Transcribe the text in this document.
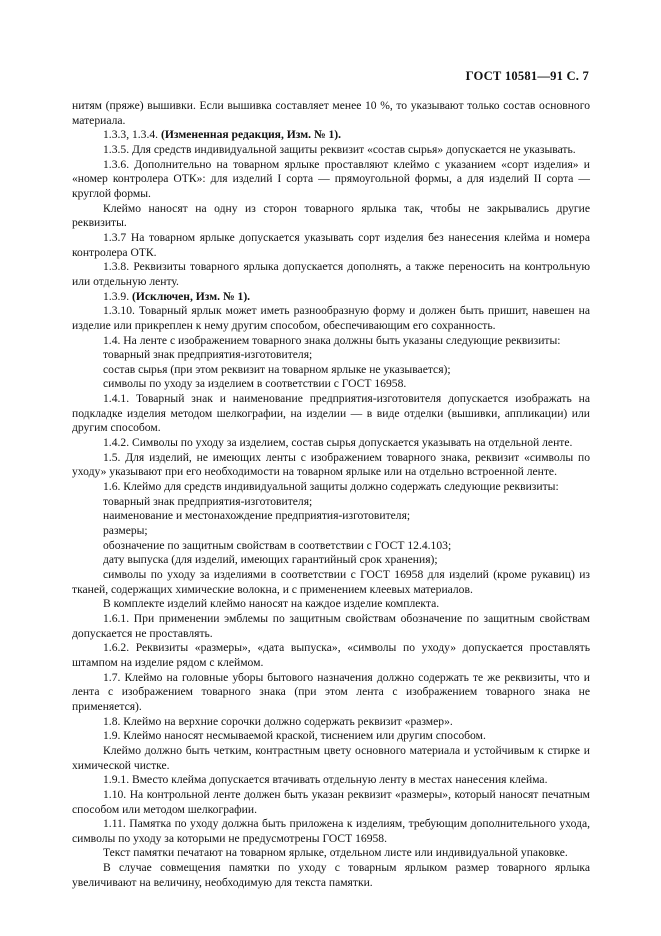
ГОСТ 10581—91 С. 7

нитям (пряже) вышивки. Если вышивка составляет менее 10 %, то указывают только состав основного материала.

1.3.3, 1.3.4. (Измененная редакция, Изм. № 1).

1.3.5. Для средств индивидуальной защиты реквизит «состав сырья» допускается не указывать.

1.3.6. Дополнительно на товарном ярлыке проставляют клеймо с указанием «сорт изделия» и «номер контролера ОТК»: для изделий I сорта — прямоугольной формы, а для изделий II сорта — круглой формы.

Клеймо наносят на одну из сторон товарного ярлыка так, чтобы не закрывались другие реквизиты.

1.3.7 На товарном ярлыке допускается указывать сорт изделия без нанесения клейма и номера контролера ОТК.

1.3.8. Реквизиты товарного ярлыка допускается дополнять, а также переносить на контрольную или отдельную ленту.

1.3.9. (Исключен, Изм. № 1).

1.3.10. Товарный ярлык может иметь разнообразную форму и должен быть пришит, навешен на изделие или прикреплен к нему другим способом, обеспечивающим его сохранность.

1.4. На ленте с изображением товарного знака должны быть указаны следующие реквизиты:

товарный знак предприятия-изготовителя;

состав сырья (при этом реквизит на товарном ярлыке не указывается);

символы по уходу за изделием в соответствии с ГОСТ 16958.

1.4.1. Товарный знак и наименование предприятия-изготовителя допускается изображать на подкладке изделия методом шелкографии, на изделии — в виде отделки (вышивки, аппликации) или другим способом.

1.4.2. Символы по уходу за изделием, состав сырья допускается указывать на отдельной ленте.

1.5. Для изделий, не имеющих ленты с изображением товарного знака, реквизит «символы по уходу» указывают при его необходимости на товарном ярлыке или на отдельно встроенной ленте.

1.6. Клеймо для средств индивидуальной защиты должно содержать следующие реквизиты:

товарный знак предприятия-изготовителя;

наименование и местонахождение предприятия-изготовителя;

размеры;

обозначение по защитным свойствам в соответствии с ГОСТ 12.4.103;

дату выпуска (для изделий, имеющих гарантийный срок хранения);

символы по уходу за изделиями в соответствии с ГОСТ 16958 для изделий (кроме рукавиц) из тканей, содержащих химические волокна, и с применением клеевых материалов.

В комплекте изделий клеймо наносят на каждое изделие комплекта.

1.6.1. При применении эмблемы по защитным свойствам обозначение по защитным свойствам допускается не проставлять.

1.6.2. Реквизиты «размеры», «дата выпуска», «символы по уходу» допускается проставлять штампом на изделие рядом с клеймом.

1.7. Клеймо на головные уборы бытового назначения должно содержать те же реквизиты, что и лента с изображением товарного знака (при этом лента с изображением товарного знака не применяется).

1.8. Клеймо на верхние сорочки должно содержать реквизит «размер».

1.9. Клеймо наносят несмываемой краской, тиснением или другим способом.

Клеймо должно быть четким, контрастным цвету основного материала и устойчивым к стирке и химической чистке.

1.9.1. Вместо клейма допускается втачивать отдельную ленту в местах нанесения клейма.

1.10. На контрольной ленте должен быть указан реквизит «размеры», который наносят печатным способом или методом шелкографии.

1.11. Памятка по уходу должна быть приложена к изделиям, требующим дополнительного ухода, символы по уходу за которыми не предусмотрены ГОСТ 16958.

Текст памятки печатают на товарном ярлыке, отдельном листе или индивидуальной упаковке.

В случае совмещения памятки по уходу с товарным ярлыком размер товарного ярлыка увеличивают на величину, необходимую для текста памятки.
